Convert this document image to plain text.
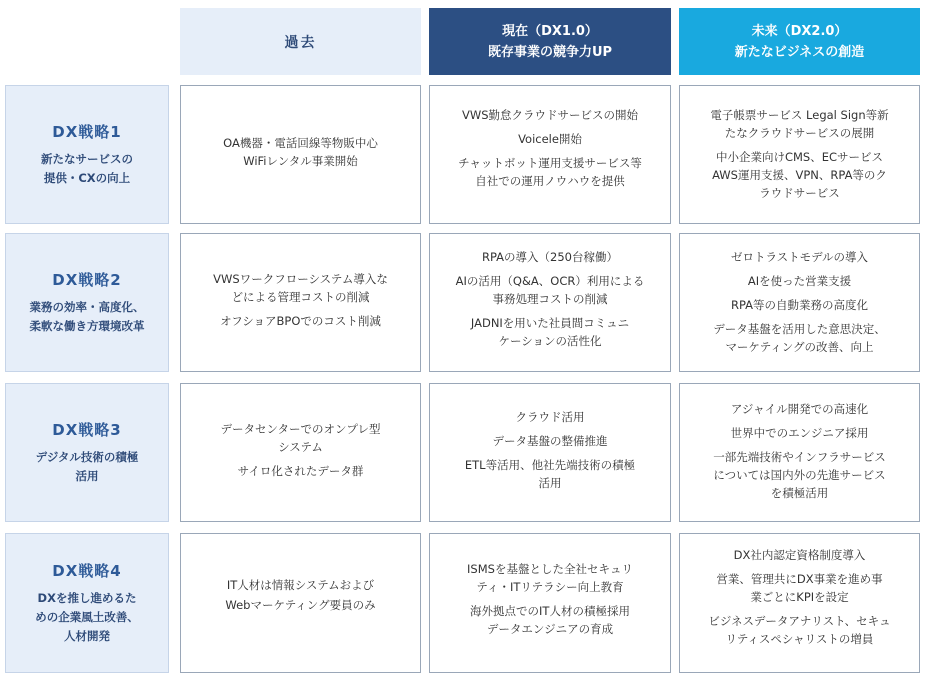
過去
現在（DX1.0）
既存事業の競争力UP
未来（DX2.0）
新たなビジネスの創造
DX戦略1
新たなサービスの
提供・CXの向上
OA機器・電話回線等物販中心
WiFiレンタル事業開始
VWS勤怠クラウドサービスの開始
Voicele開始
チャットボット運用支援サービス等
自社での運用ノウハウを提供
電子帳票サービス Legal Sign等新
たなクラウドサービスの展開
中小企業向けCMS、ECサービス
AWS運用支援、VPN、RPA等のク
ラウドサービス
DX戦略2
業務の効率・高度化、
柔軟な働き方環境改革
VWSワークフローシステム導入な
どによる管理コストの削減
オフショアBPOでのコスト削減
RPAの導入（250台稼働）
AIの活用（Q&A、OCR）利用による
事務処理コストの削減
JADNIを用いた社員間コミュニ
ケーションの活性化
ゼロトラストモデルの導入
AIを使った営業支援
RPA等の自動業務の高度化
データ基盤を活用した意思決定、
マーケティングの改善、向上
DX戦略3
デジタル技術の積極
活用
データセンターでのオンプレ型
システム
サイロ化されたデータ群
クラウド活用
データ基盤の整備推進
ETL等活用、他社先端技術の積極
活用
アジャイル開発での高速化
世界中でのエンジニア採用
一部先端技術やインフラサービス
については国内外の先進サービス
を積極活用
DX戦略4
DXを推し進めるた
めの企業風土改善、
人材開発
IT人材は情報システムおよび
Webマーケティング要員のみ
ISMSを基盤とした全社セキュリ
ティ・ITリテラシー向上教育
海外拠点でのIT人材の積極採用
データエンジニアの育成
DX社内認定資格制度導入
営業、管理共にDX事業を進め事
業ごとにKPIを設定
ビジネスデータアナリスト、セキュ
リティスペシャリストの増員
